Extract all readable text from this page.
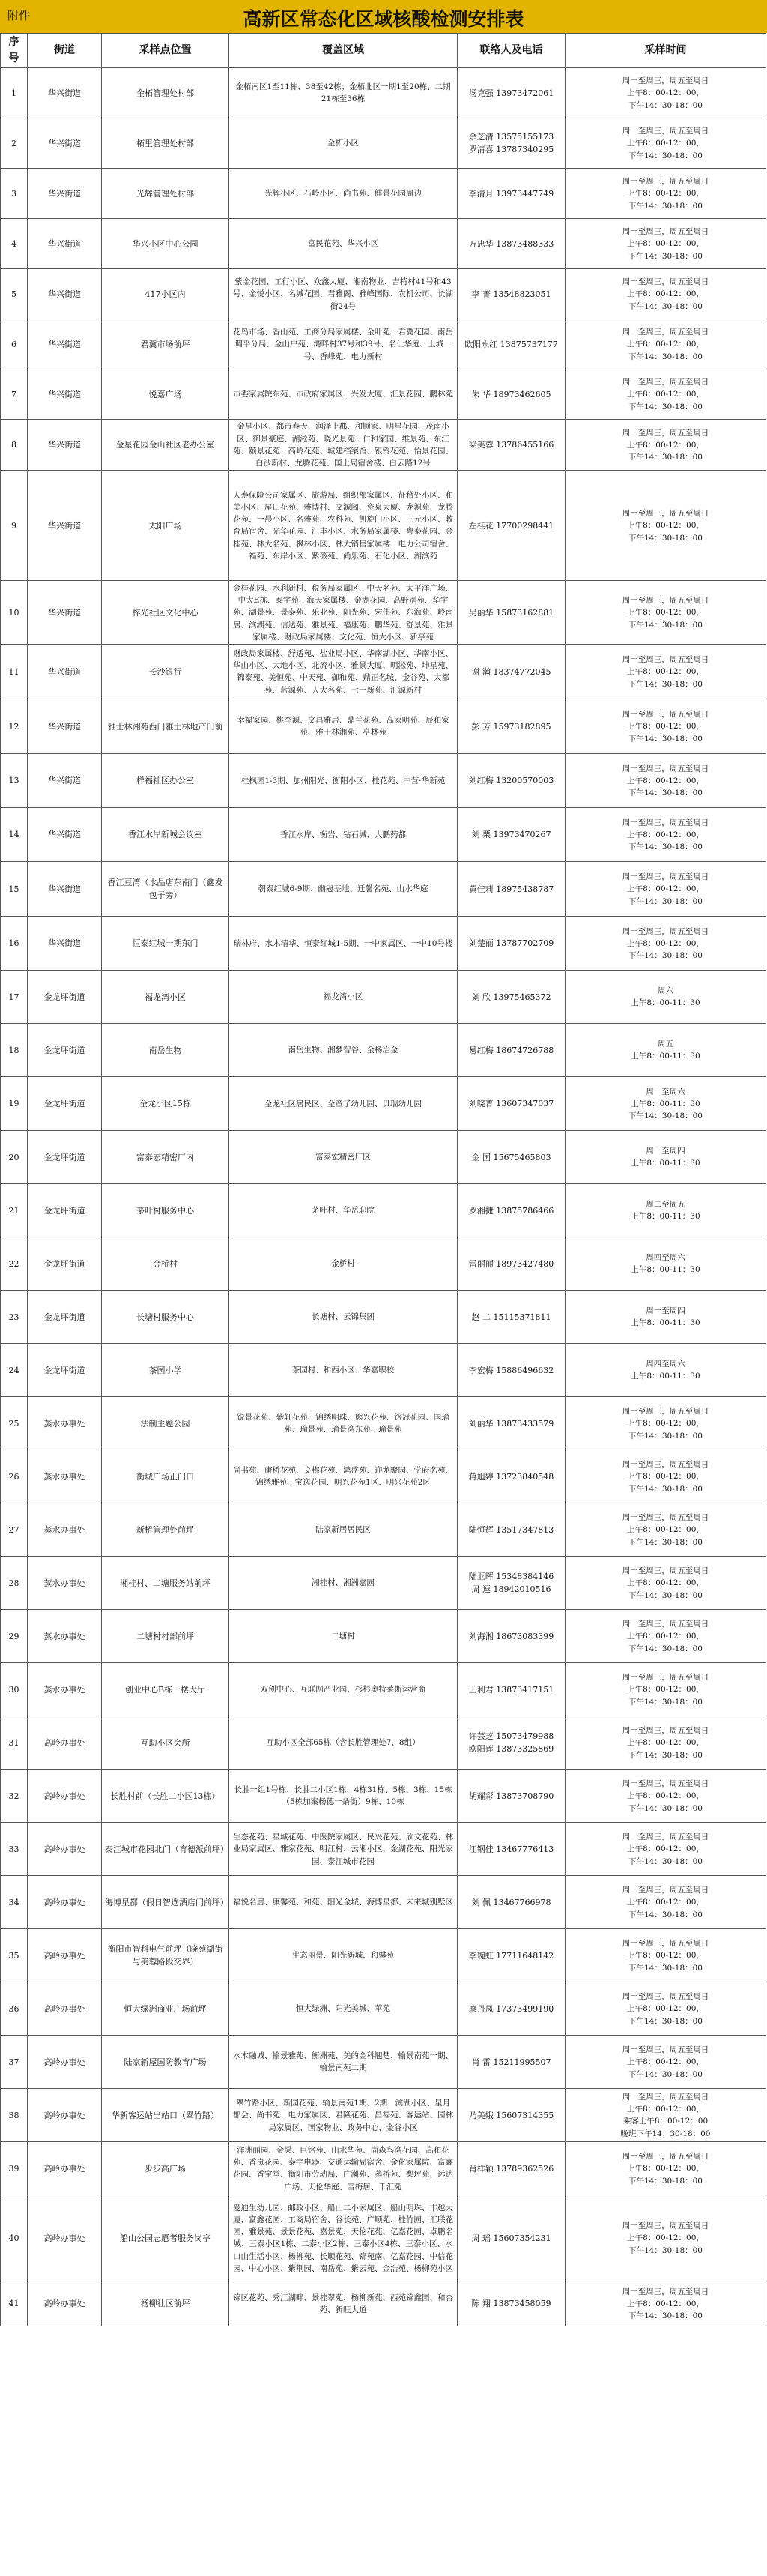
附件	高新区常态化区域核酸检测安排表
序号	街道	采样点位置	覆盖区域	联络人及电话	采样时间
1	华兴街道	金柘管理处村部	金柘南区1至11栋、38至42栋；金柘北区一期1至20栋、二期21栋至36栋	汤克强 13973472061	周一至周三，周五至周日
上午8：00-12：00，
下午14：30-18：00
2	华兴街道	柘里管理处村部	金柘小区	余芝清 13575155173
罗清喜 13787340295	周一至周三，周五至周日
上午8：00-12：00，
下午14：30-18：00
3	华兴街道	光辉管理处村部	光辉小区、石岭小区、尚书苑、健景花园周边	李清月 13973447749	周一至周三，周五至周日
上午8：00-12：00，
下午14：30-18：00
4	华兴街道	华兴小区中心公园	富民花苑、华兴小区	万忠华 13873488333	周一至周三，周五至周日
上午8：00-12：00，
下午14：30-18：00
5	华兴街道	417小区内	紫金花园、工行小区、众鑫大厦、湘南物业、吉特村41号和43号、金悦小区、名城花园、君雅阁、雅峰国际、农机公司、长湖街24号	李 菁 13548823051	周一至周三，周五至周日
上午8：00-12：00，
下午14：30-18：00
6	华兴街道	君冀市场前坪	花鸟市场、香山苑、工商分局家属楼、金叶苑、君冀花园、南岳调平分局、金山户苑、湾畔村37号和39号、名仕华庭、上城一号、香峰苑、电力新村	欧阳永红 13875737177	周一至周三，周五至周日
上午8：00-12：00，
下午14：30-18：00
7	华兴街道	悦嘉广场	市委家属院东苑、市政府家属区、兴发大厦、汇景花园、鹏林苑	朱 华 18973462605	周一至周三，周五至周日
上午8：00-12：00，
下午14：30-18：00
8	华兴街道	金星花园金山社区老办公室	金星小区、都市春天、润泽上郡、和顺家、明星花园、茂南小区、御景豪庭、湖淞苑、晓光景苑、仁和家园、维景苑、东江苑、颐景花苑、高岭花苑、城建档案馆、银铃花苑、怡景花园、白沙新村、龙腾花苑、国土局宿舍楼、白云路12号	梁美蓉 13786455166	周一至周三，周五至周日
上午8：00-12：00，
下午14：30-18：00
9	华兴街道	太阳广场	人寿保险公司家属区、旅游局、组织部家属区、征稽处小区、和美小区、屋田花苑、雅博村、文源阁、瓷泉大厦、龙源苑、龙腾花苑、一晨小区、名雅苑、农科苑、凯旋门小区、三元小区、教育局宿舍、光华花园、汇丰小区、水务局家属楼、粤泰花园、金桂苑、林大名苑、枫林小区、林大销售家属楼、电力公司宿舍、福苑、东岸小区、紫薇苑、尚乐苑、石化小区、湖滨苑	左桂花 17700298441	周一至周三，周五至周日
上午8：00-12：00，
下午14：30-18：00
10	华兴街道	梓光社区文化中心	金桂花园、水利新村、税务局家属区、中天名苑、太平洋广场、中大E栋、泰宇苑、海天家属楼、金湖花园、高野别苑、华宇苑、湖景苑、景泰苑、乐业苑、阳光苑、宏伟苑、东海苑、岭南居、滨湖苑、信达苑、雅景苑、福康苑、鹏华苑、舒景苑、雅景家属楼、财政局家属楼、文化苑、恒大小区、新亭苑	吴丽华 15873162881	周一至周三，周五至周日
上午8：00-12：00，
下午14：30-18：00
11	华兴街道	长沙银行	财政局家属楼、舒适苑、盐业局小区、华南湖小区、华南小区、华山小区、大地小区、北流小区、雅景大厦、明淞苑、坤星苑、锦泰苑、美恒苑、中天苑、御和苑、鼎正名城、金谷苑、大都苑、蓝源苑、人大名苑、七一新苑、汇源新村	谢 瀚 18374772045	周一至周三，周五至周日
上午8：00-12：00，
下午14：30-18：00
12	华兴街道	雅士林湘苑西门雅士林地产门前	幸福家园、桃李源、文昌雅居、鼎兰花苑、高家明苑、辰和家苑、雅士林湘苑、亭林苑	彭 芳 15973182895	周一至周三，周五至周日
上午8：00-12：00，
下午14：30-18：00
13	华兴街道	样福社区办公室	桂枫园1-3期、加州阳光、衡阳小区、桂花苑、中营·华新苑	刘红梅 13200570003	周一至周三，周五至周日
上午8：00-12：00，
下午14：30-18：00
14	华兴街道	香江水岸新城会议室	香江水岸、衡岩、钻石城、大鹏药都	刘 栗 13973470267	周一至周三，周五至周日
上午8：00-12：00，
下午14：30-18：00
15	华兴街道	香江豆湾（水晶店东南门（鑫发包子旁）	朝泰红城6-9期、幽冠基地、迁馨名苑、山水华庭	黄佳莉 18975438787	周一至周三，周五至周日
上午8：00-12：00，
下午14：30-18：00
16	华兴街道	恒泰红城一期东门	瑞林府、水木清华、恒泰红城1-5期、一中家属区、一中10号楼	刘楚丽 13787702709	周一至周三，周五至周日
上午8：00-12：00，
下午14：30-18：00
17	金龙坪街道	福龙湾小区	福龙湾小区	刘 欣 13975465372	周六
上午8：00-11：30
18	金龙坪街道	南岳生物	南岳生物、湘梦智谷、金杨冶金	易红梅 18674726788	周五
上午8：00-11：30
19	金龙坪街道	金龙小区15栋	金龙社区居民区、金童了幼儿园、贝瑞幼儿园	刘晓菁 13607347037	周一至周六
上午8：00-11：30
下午14：30-18：00
20	金龙坪街道	富泰宏精密厂内	富泰宏精密厂区	金 国 15675465803	周一至周四
上午8：00-11：30
21	金龙坪街道	茅叶村服务中心	茅叶村、华岳职院	罗湘捷 13875786466	周二至周五
上午8：00-11：30
22	金龙坪街道	金桥村	金桥村	雷丽丽 18973427480	周四至周六
上午8：00-11：30
23	金龙坪街道	长塘村服务中心	长塘村、云锦集团	赵 二 15115371811	周一至周四
上午8：00-11：30
24	金龙坪街道	茶园小学	茶园村、和西小区、华嘉职校	李宏梅 15886496632	周四至周六
上午8：00-11：30
25	蒸水办事处	法制主题公园	锐景花苑、紫轩花苑、锦绣明珠、熊兴花苑、镕冠花园、国瑜苑、瑜景苑、瑜景湾东苑、瑜景苑	刘丽华 13873433579	周一至周三，周五至周日
上午8：00-12：00，
下午14：30-18：00
26	蒸水办事处	衡城广场正门口	尚书苑、康桥花苑、文梅花苑、鸿盛苑、迎龙聚园、学府名苑、锦绣雅苑、宝逸花园、明兴花苑1区、明兴花苑2区	蒋旭婷 13723840548	周一至周三，周五至周日
上午8：00-12：00，
下午14：30-18：00
27	蒸水办事处	新桥管理处前坪	陆家新居居民区	陆恒辉 13517347813	周一至周三，周五至周日
上午8：00-12：00，
下午14：30-18：00
28	蒸水办事处	湘桂村、二塘服务站前坪	湘桂村、湘洲嘉园	陆亚晖 15348384146
周 逗 18942010516	周一至周三，周五至周日
上午8：00-12：00，
下午14：30-18：00
29	蒸水办事处	二塘村村部前坪	二塘村	刘海湘 18673083399	周一至周三，周五至周日
上午8：00-12：00，
下午14：30-18：00
30	蒸水办事处	创业中心B栋一楼大厅	双创中心、互联网产业园、杉杉奥特莱斯运营商	王利君 13873417151	周一至周三，周五至周日
上午8：00-12：00，
下午14：30-18：00
31	高岭办事处	互助小区会所	互助小区全部65栋（含长胜管理处7、8组）	许芸芝 15073479988
欧阳莲 13873325869	周一至周三，周五至周日
上午8：00-12：00，
下午14：30-18：00
32	高岭办事处	长胜村前（长胜二小区13栋）	长胜一组1号栋、长胜二小区1栋、4栋31栋、5栋、3栋、15栋（5栋加案杨德一条街）9栋、10栋	胡耀彩 13873708790	周一至周三，周五至周日
上午8：00-12：00，
下午14：30-18：00
33	高岭办事处	泰江城市花园北门（育德派前坪）	生态花苑、星城花苑、中医院家属区、民兴花苑、欣文花苑、林业局家属区、雅家花苑、明江村、云湘小区、金湖花苑、阳光家园、泰江城市花园	江钢佳 13467776413	周一至周三，周五至周日
上午8：00-12：00，
下午14：30-18：00
34	高岭办事处	海博星都（假日智选酒店门前坪）	福悦名居、康馨苑、和苑、阳光金城、海博星都、未来城别墅区	刘 佩 13467766978	周一至周三，周五至周日
上午8：00-12：00，
下午14：30-18：00
35	高岭办事处	衡阳市智科电气前坪（晓苑湖街与美蓉路段交界）	生态丽景、阳光新城、和馨苑	李琬虹 17711648142	周一至周三，周五至周日
上午8：00-12：00，
下午14：30-18：00
36	高岭办事处	恒大绿洲商业广场前坪	恒大绿洲、阳光美城、苹苑	廖丹凤 17373499190	周一至周三，周五至周日
上午8：00-12：00，
下午14：30-18：00
37	高岭办事处	陆家新屋国防教育广场	水木融城、输景雅苑、衡洲苑、美的金科翘楚、输景南苑一期、输景南苑二期	肖 雷 15211995507	周一至周三，周五至周日
上午8：00-12：00，
下午14：30-18：00
38	高岭办事处	华新客运站出站口（翠竹路）	翠竹路小区、新园花苑、输景南苑1期、2期、滨湖小区、星月都会、尚书苑、电力家属区、君隆花苑、昌福苑、客运站、园林局家属区、国家物业、政务中心、金谷小区	乃美娥 15607314355	周一至周三，周五至周日
上午8：00-12：00，
乘客上午8：00-12：00
晚班下午14：30-18：00
39	高岭办事处	步步高广场	洋洲丽园、金梁、巨铭苑、山水华苑、尚森鸟湾花园、高和花苑、香岚花园、泰宇电器、交通运输局宿舍、金化家属院、富鑫花园、香宝堂、衡阳市劳动局、广潮苑、蒸桥苑、梨坪苑、远达广场、天伦华庭、雪梅居、千汇苑	肖样颖 13789362526	周一至周三，周五至周日
上午8：00-12：00，
下午14：30-18：00
40	高岭办事处	船山公园志愿者服务岗亭	爱迪生幼儿园、邮政小区、船山二小家属区、船山明珠、丰越大厦、富鑫花园、工商局宿舍、谷长苑、广顺苑、桂竹园、汇联花园、雅景苑、景景花苑、嘉景苑、天伦花苑、亿嘉花园、卓鹏名城、三泰小区1栋、二泰小区2栋、三泰小区4栋、三泰小区、水口山生活小区、杨柳苑、长顺花苑、锦苑南、亿嘉花园、中信花园、中心小区、紫荆园、南岳苑、紫云苑、金浩苑、杨柳苑小区	周 瑶 15607354231	周一至周三，周五至周日
上午8：00-12：00，
下午14：30-18：00
41	高岭办事处	杨柳社区前坪	锦区花苑、秀江湖畔、景桂翠苑、杨柳新苑、西苑锦鑫园、和杏苑、新旺大道	陈 翔 13873458059	周一至周三，周五至周日
上午8：00-12：00，
下午14：30-18：00
